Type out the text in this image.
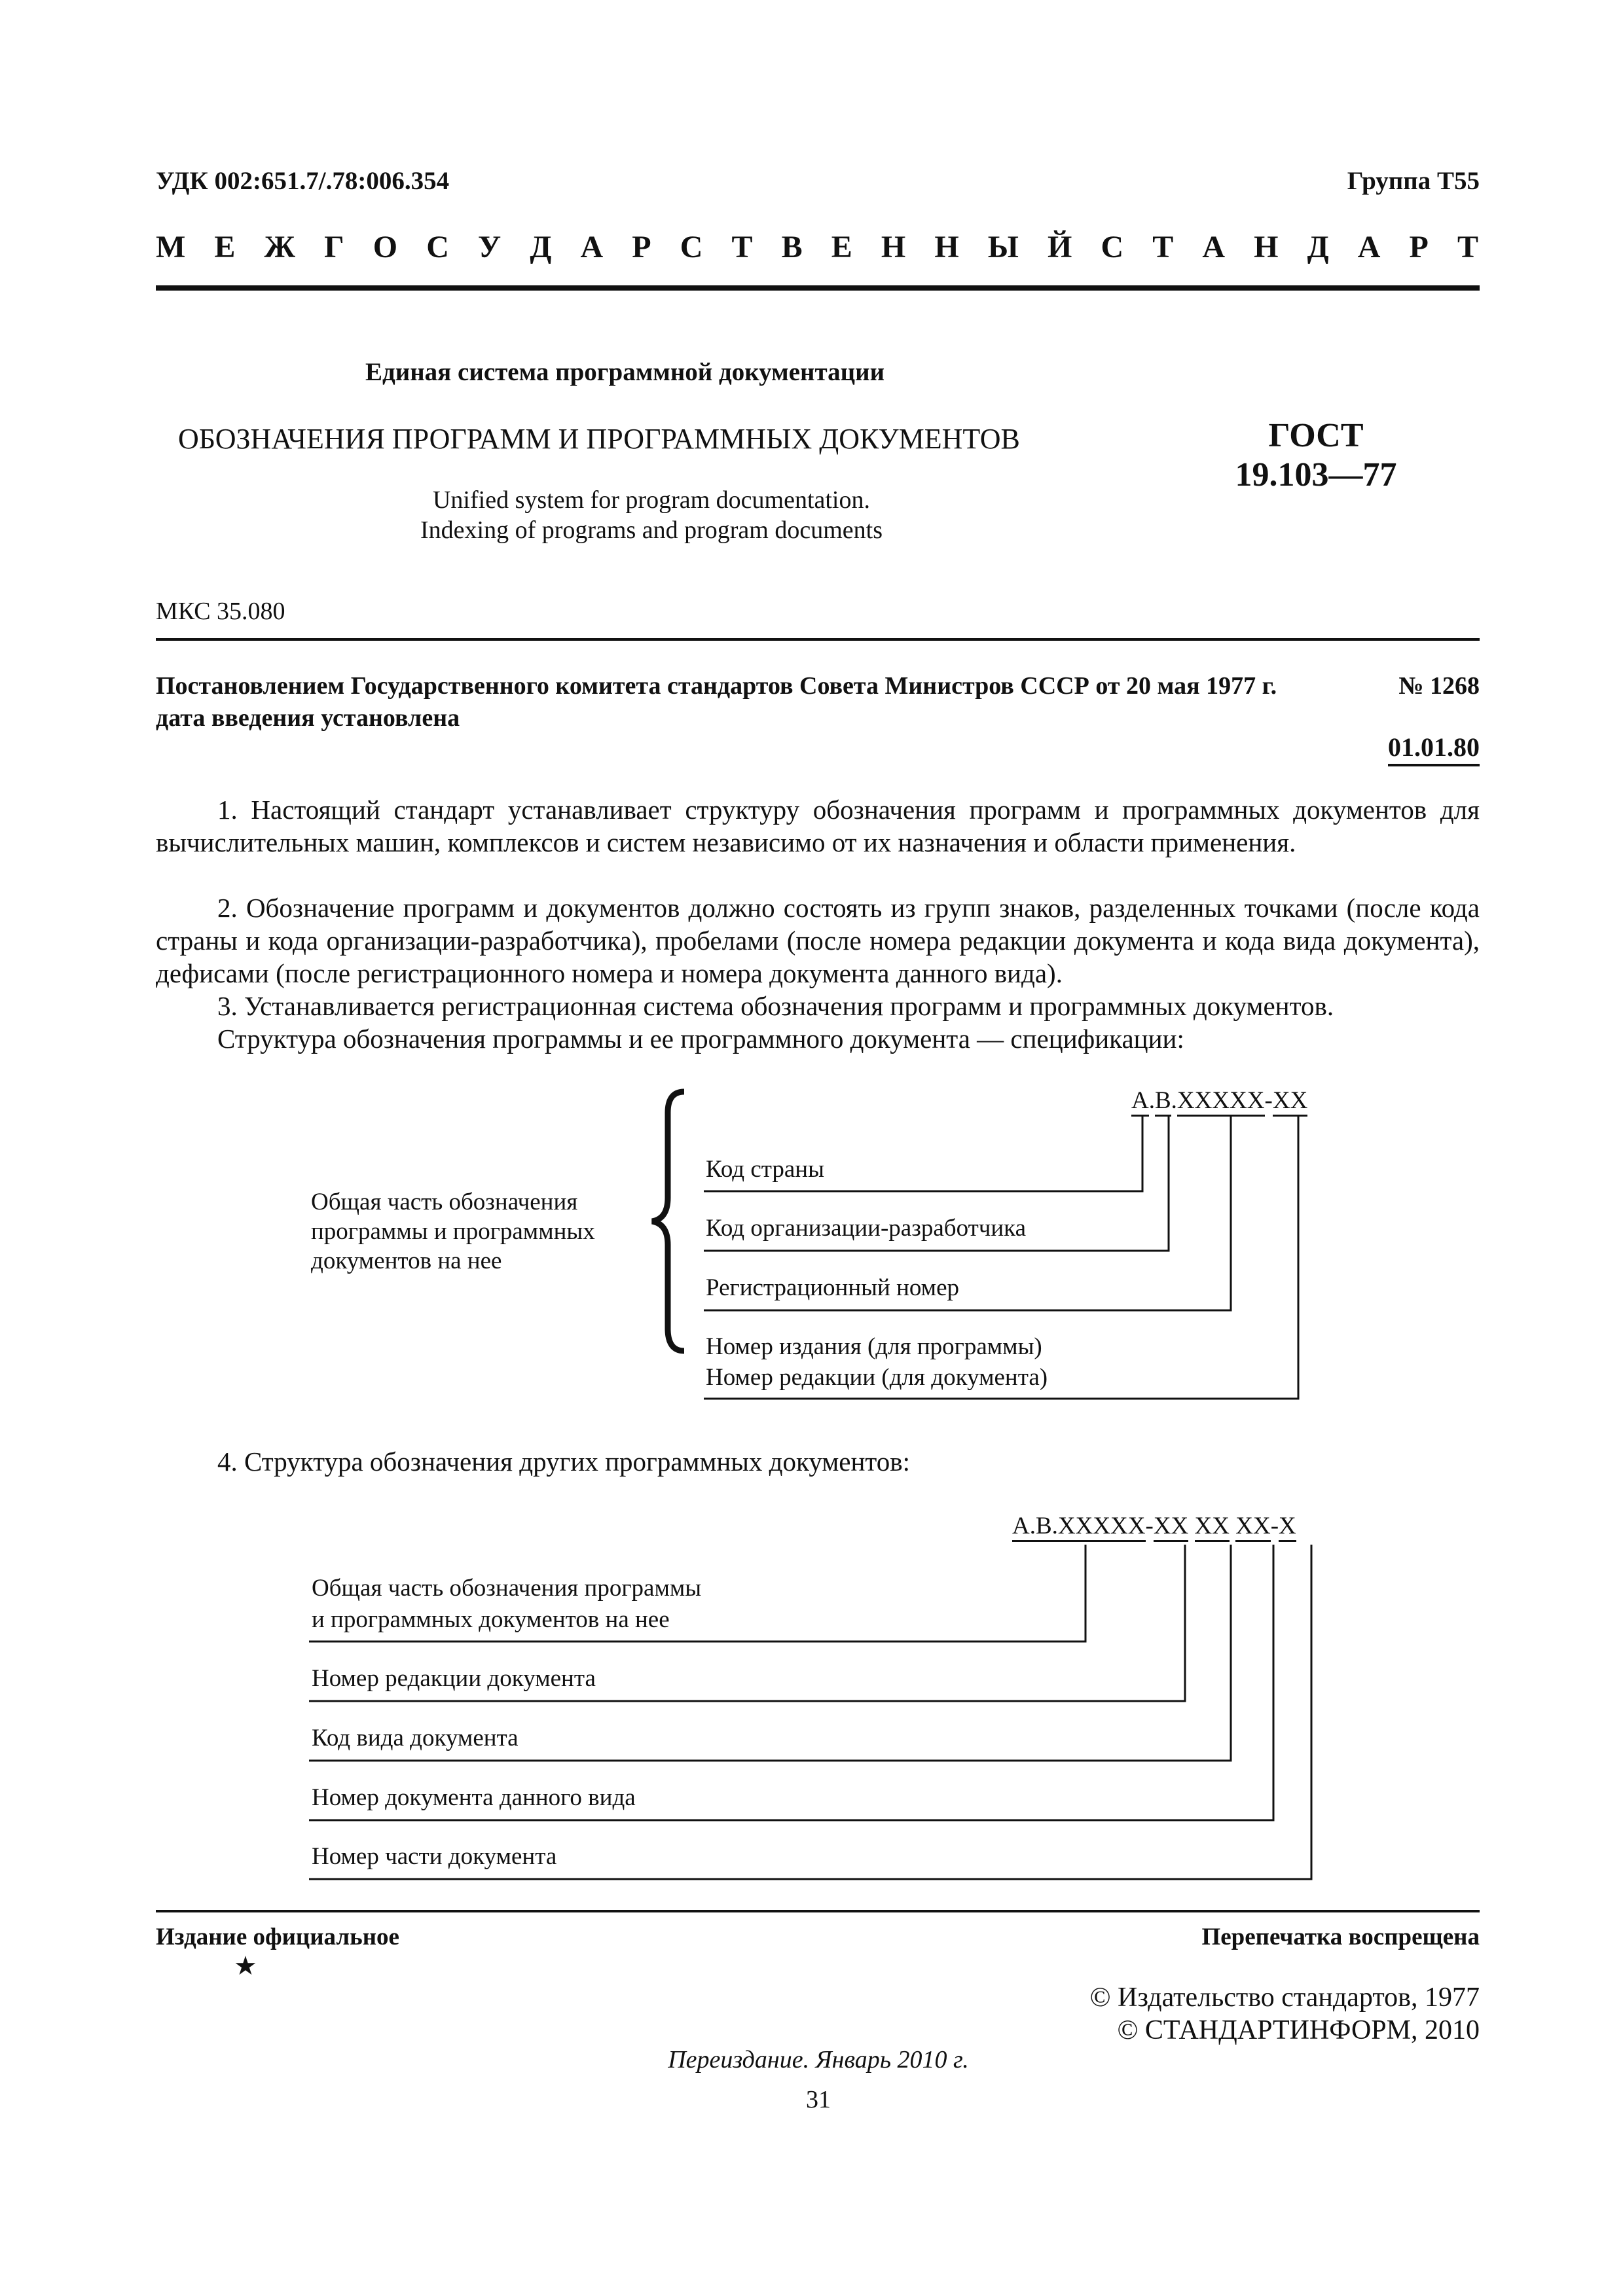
УДК 002:651.7/.78:006.354	Группа Т55
М Е Ж Г О С У Д А Р С Т В Е Н Н Ы Й С Т А Н Д А Р Т
Единая система программной документации
ОБОЗНАЧЕНИЯ ПРОГРАММ И ПРОГРАММНЫХ ДОКУМЕНТОВ
Unified system for program documentation.
Indexing of programs and program documents
ГОСТ
19.103—77
МКС 35.080
Постановлением Государственного комитета стандартов Совета Министров СССР от 20 мая 1977 г.	№ 1268
дата введения установлена
01.01.80
1. Настоящий стандарт устанавливает структуру обозначения программ и программных документов для вычислительных машин, комплексов и систем независимо от их назначения и области применения.
2. Обозначение программ и документов должно состоять из групп знаков, разделенных точками (после кода страны и кода организации-разработчика), пробелами (после номера редакции документа и кода вида документа), дефисами (после регистрационного номера и номера документа данного вида).
3. Устанавливается регистрационная система обозначения программ и программных документов.
Структура обозначения программы и ее программного документа — спецификации:
А.В.ХХХХХ-ХХ
Общая часть обозначения
программы и программных
документов на нее
Код страны
Код организации-разработчика
Регистрационный номер
Номер издания (для программы)
Номер редакции (для документа)
4. Структура обозначения других программных документов:
А.В.ХХХХХ-ХХ ХХ ХХ-Х
Общая часть обозначения программы
и программных документов на нее
Номер редакции документа
Код вида документа
Номер документа данного вида
Номер части документа
Издание официальное
★
Перепечатка воспрещена
© Издательство стандартов, 1977
© СТАНДАРТИНФОРМ, 2010
Переиздание. Январь 2010 г.
31
